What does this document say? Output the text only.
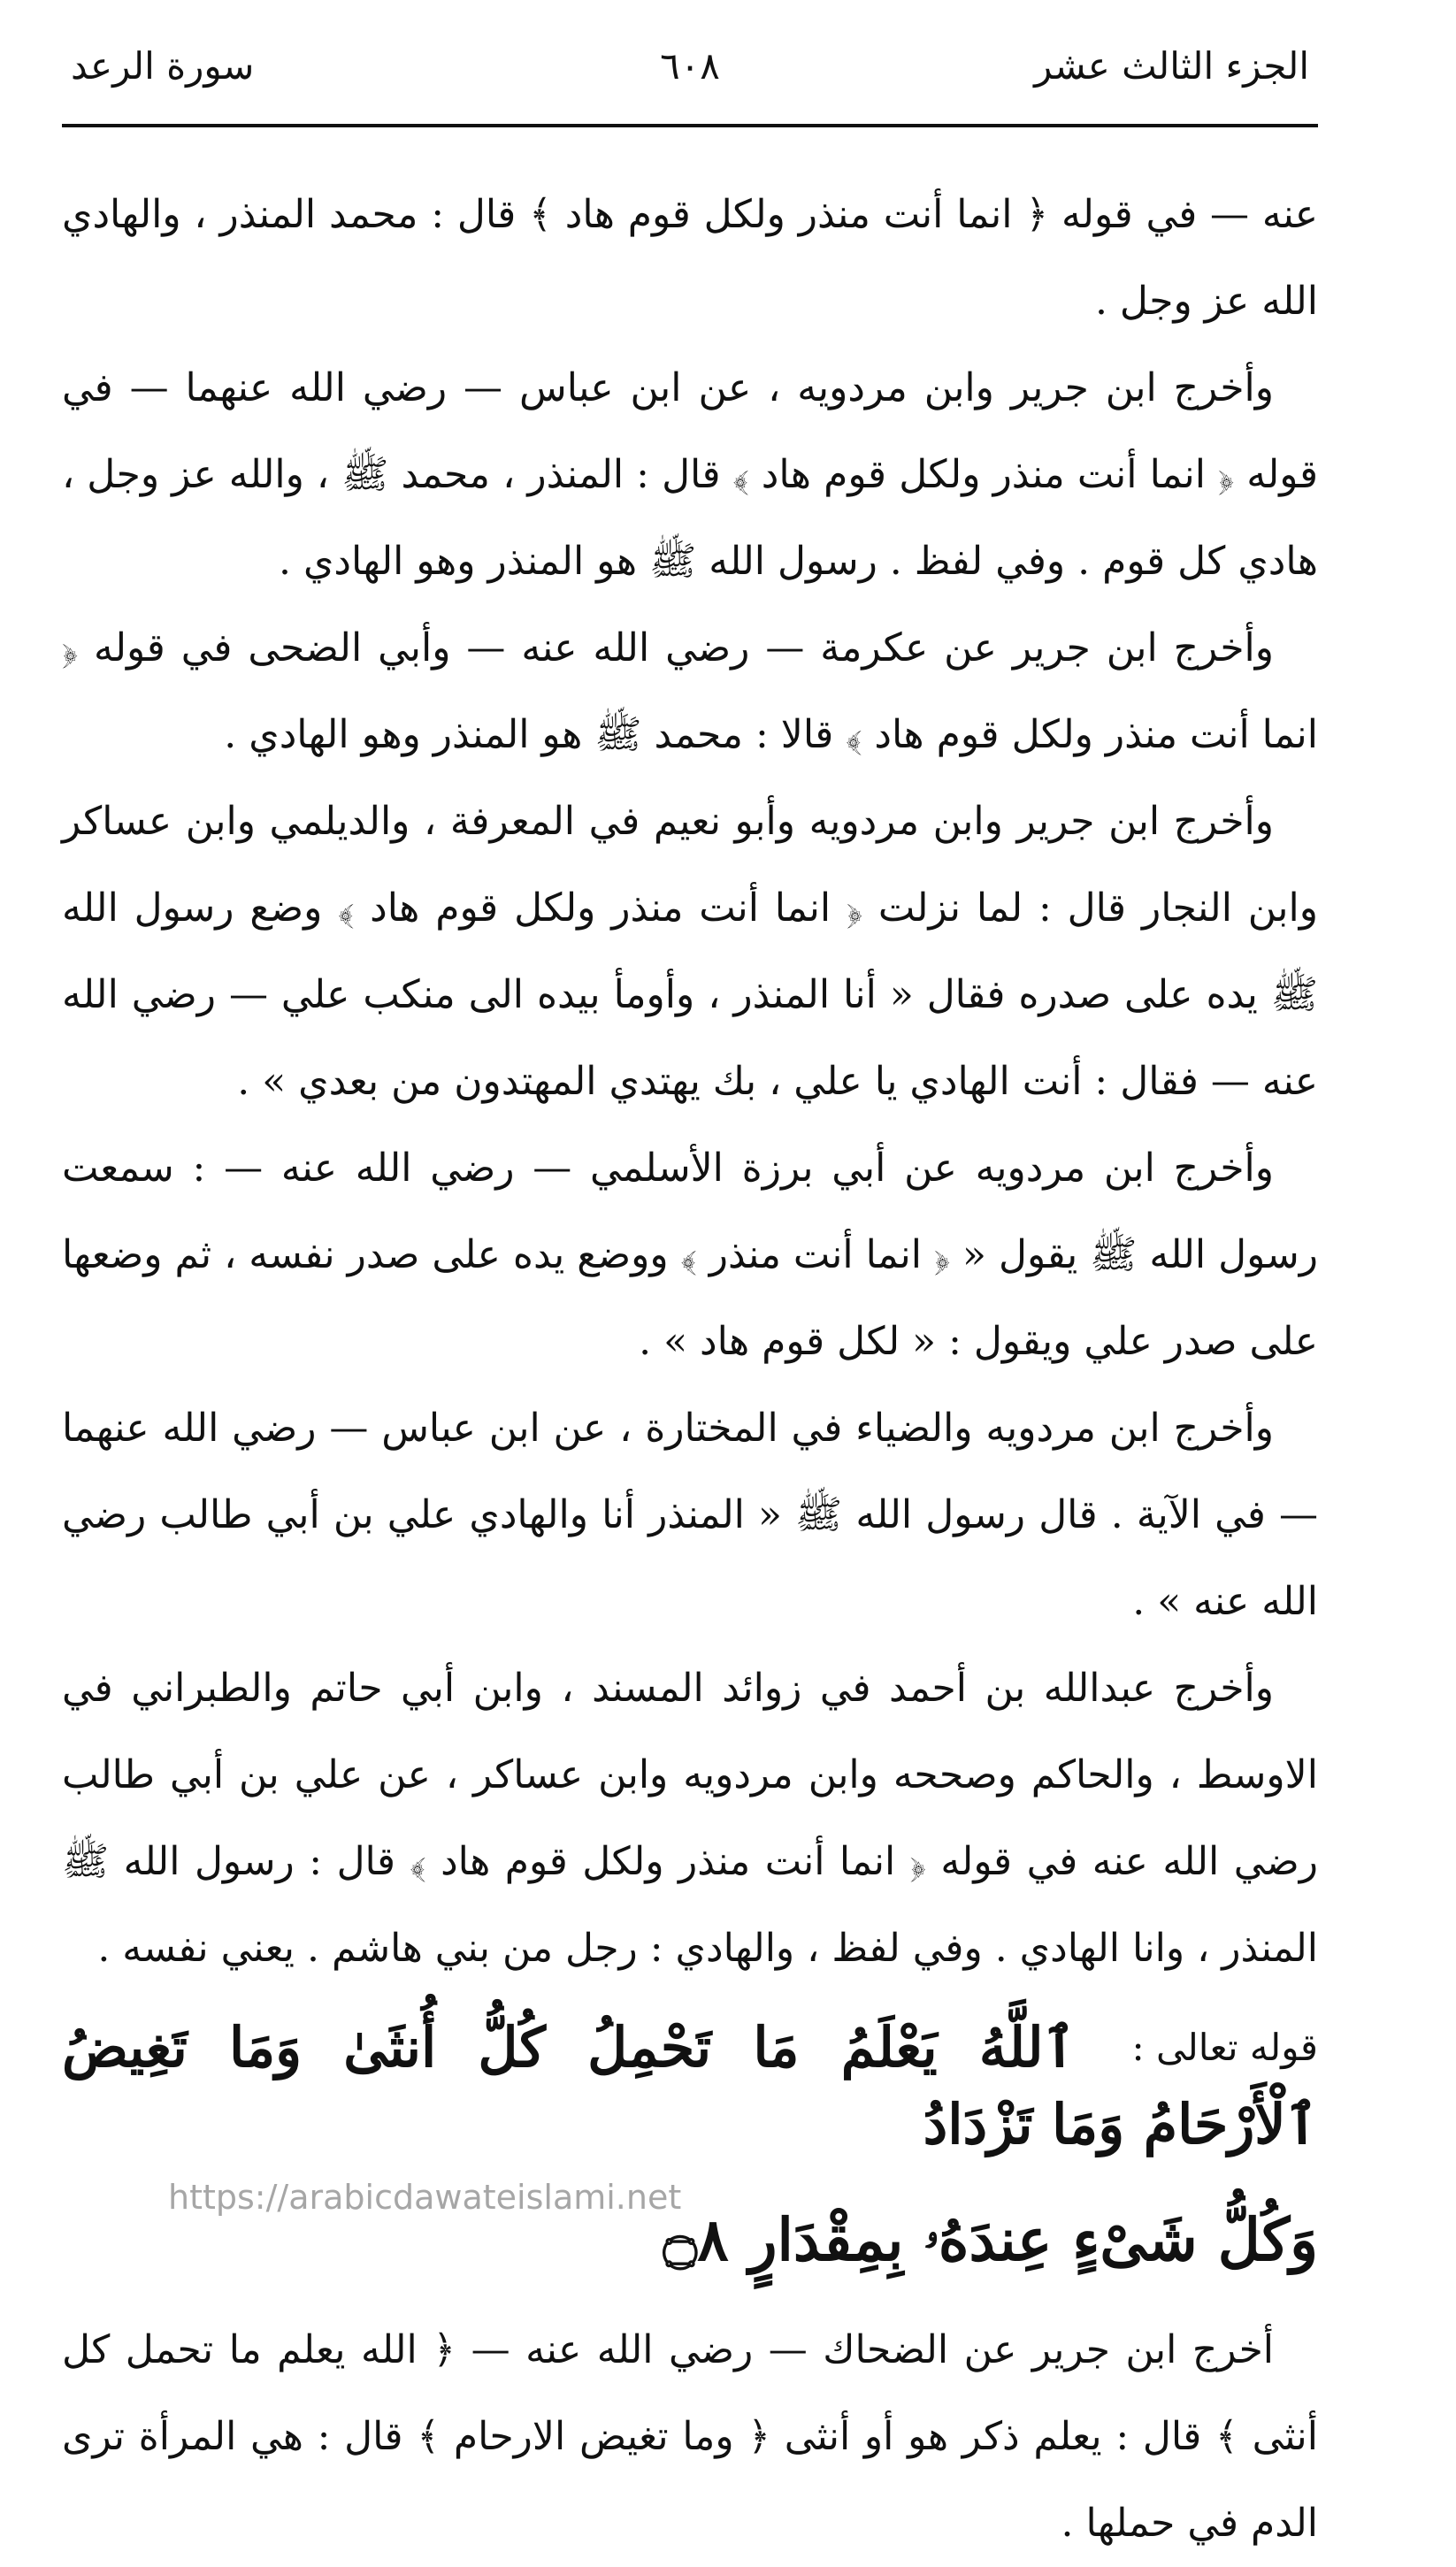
الجزء الثالث عشر
٦٠٨
سورة الرعد

عنه — في قوله ﴿ انما أنت منذر ولكل قوم هاد ﴾ قال : محمد المنذر ، والهادي الله عز وجل .

وأخرج ابن جرير وابن مردويه ، عن ابن عباس — رضي الله عنهما — في قوله ﴿ انما أنت منذر ولكل قوم هاد ﴾ قال : المنذر ، محمد ﷺ ، والله عز وجل ، هادي كل قوم . وفي لفظ . رسول الله ﷺ هو المنذر وهو الهادي .

وأخرج ابن جرير عن عكرمة — رضي الله عنه — وأبي الضحى في قوله ﴿ انما أنت منذر ولكل قوم هاد ﴾ قالا : محمد ﷺ هو المنذر وهو الهادي .

وأخرج ابن جرير وابن مردويه وأبو نعيم في المعرفة ، والديلمي وابن عساكر وابن النجار قال : لما نزلت ﴿ انما أنت منذر ولكل قوم هاد ﴾ وضع رسول الله ﷺ يده على صدره فقال « أنا المنذر ، وأومأ بيده الى منكب علي — رضي الله عنه — فقال : أنت الهادي يا علي ، بك يهتدي المهتدون من بعدي » .

وأخرج ابن مردويه عن أبي برزة الأسلمي — رضي الله عنه — : سمعت رسول الله ﷺ يقول « ﴿ انما أنت منذر ﴾ ووضع يده على صدر نفسه ، ثم وضعها على صدر علي ويقول : « لكل قوم هاد » .

وأخرج ابن مردويه والضياء في المختارة ، عن ابن عباس — رضي الله عنهما — في الآية . قال رسول الله ﷺ « المنذر أنا والهادي علي بن أبي طالب رضي الله عنه » .

وأخرج عبدالله بن أحمد في زوائد المسند ، وابن أبي حاتم والطبراني في الاوسط ، والحاكم وصححه وابن مردويه وابن عساكر ، عن علي بن أبي طالب رضي الله عنه في قوله ﴿ انما أنت منذر ولكل قوم هاد ﴾ قال : رسول الله ﷺ المنذر ، وانا الهادي . وفي لفظ ، والهادي : رجل من بني هاشم . يعني نفسه .

قوله تعالى : ٱللَّهُ يَعْلَمُ مَا تَحْمِلُ كُلُّ أُنثَىٰ وَمَا تَغِيضُ ٱلْأَرْحَامُ وَمَا تَزْدَادُ
وَكُلُّ شَىْءٍ عِندَهُۥ بِمِقْدَارٍ ۝٨

أخرج ابن جرير عن الضحاك — رضي الله عنه — ﴿ الله يعلم ما تحمل كل أنثى ﴾ قال : يعلم ذكر هو أو أنثى ﴿ وما تغيض الارحام ﴾ قال : هي المرأة ترى الدم في حملها .

https://arabicdawateislami.net
